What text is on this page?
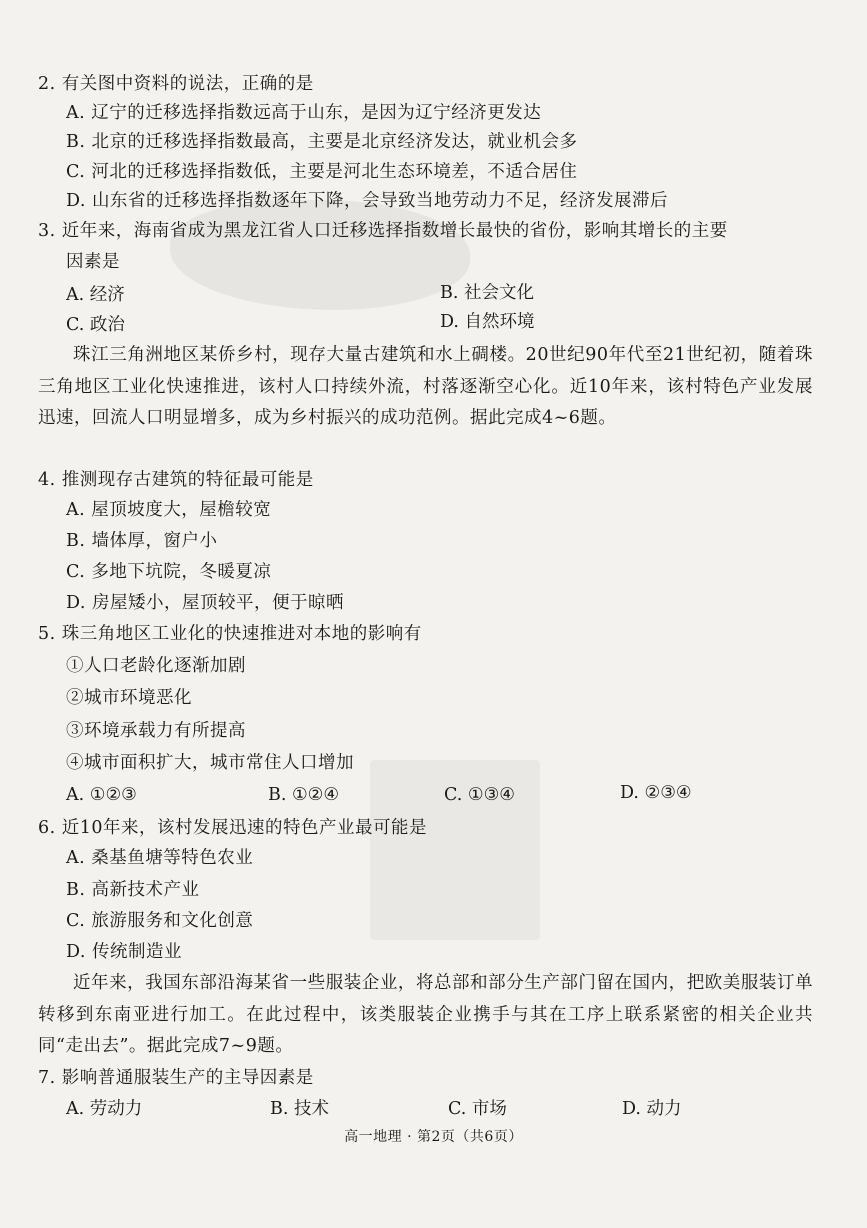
2. 有关图中资料的说法，正确的是
A. 辽宁的迁移选择指数远高于山东，是因为辽宁经济更发达
B. 北京的迁移选择指数最高，主要是北京经济发达，就业机会多
C. 河北的迁移选择指数低，主要是河北生态环境差，不适合居住
D. 山东省的迁移选择指数逐年下降，会导致当地劳动力不足，经济发展滞后
3. 近年来，海南省成为黑龙江省人口迁移选择指数增长最快的省份，影响其增长的主要
因素是
A. 经济	B. 社会文化
C. 政治	D. 自然环境
珠江三角洲地区某侨乡村，现存大量古建筑和水上碉楼。20世纪90年代至21世纪初，随着珠三角地区工业化快速推进，该村人口持续外流，村落逐渐空心化。近10年来，该村特色产业发展迅速，回流人口明显增多，成为乡村振兴的成功范例。据此完成4~6题。
4. 推测现存古建筑的特征最可能是
A. 屋顶坡度大，屋檐较宽
B. 墙体厚，窗户小
C. 多地下坑院，冬暖夏凉
D. 房屋矮小，屋顶较平，便于晾晒
5. 珠三角地区工业化的快速推进对本地的影响有
①人口老龄化逐渐加剧
②城市环境恶化
③环境承载力有所提高
④城市面积扩大，城市常住人口增加
A. ①②③	B. ①②④	C. ①③④	D. ②③④
6. 近10年来，该村发展迅速的特色产业最可能是
A. 桑基鱼塘等特色农业
B. 高新技术产业
C. 旅游服务和文化创意
D. 传统制造业
近年来，我国东部沿海某省一些服装企业，将总部和部分生产部门留在国内，把欧美服装订单转移到东南亚进行加工。在此过程中，该类服装企业携手与其在工序上联系紧密的相关企业共同“走出去”。据此完成7~9题。
7. 影响普通服装生产的主导因素是
A. 劳动力	B. 技术	C. 市场	D. 动力
高一地理 · 第2页（共6页）
